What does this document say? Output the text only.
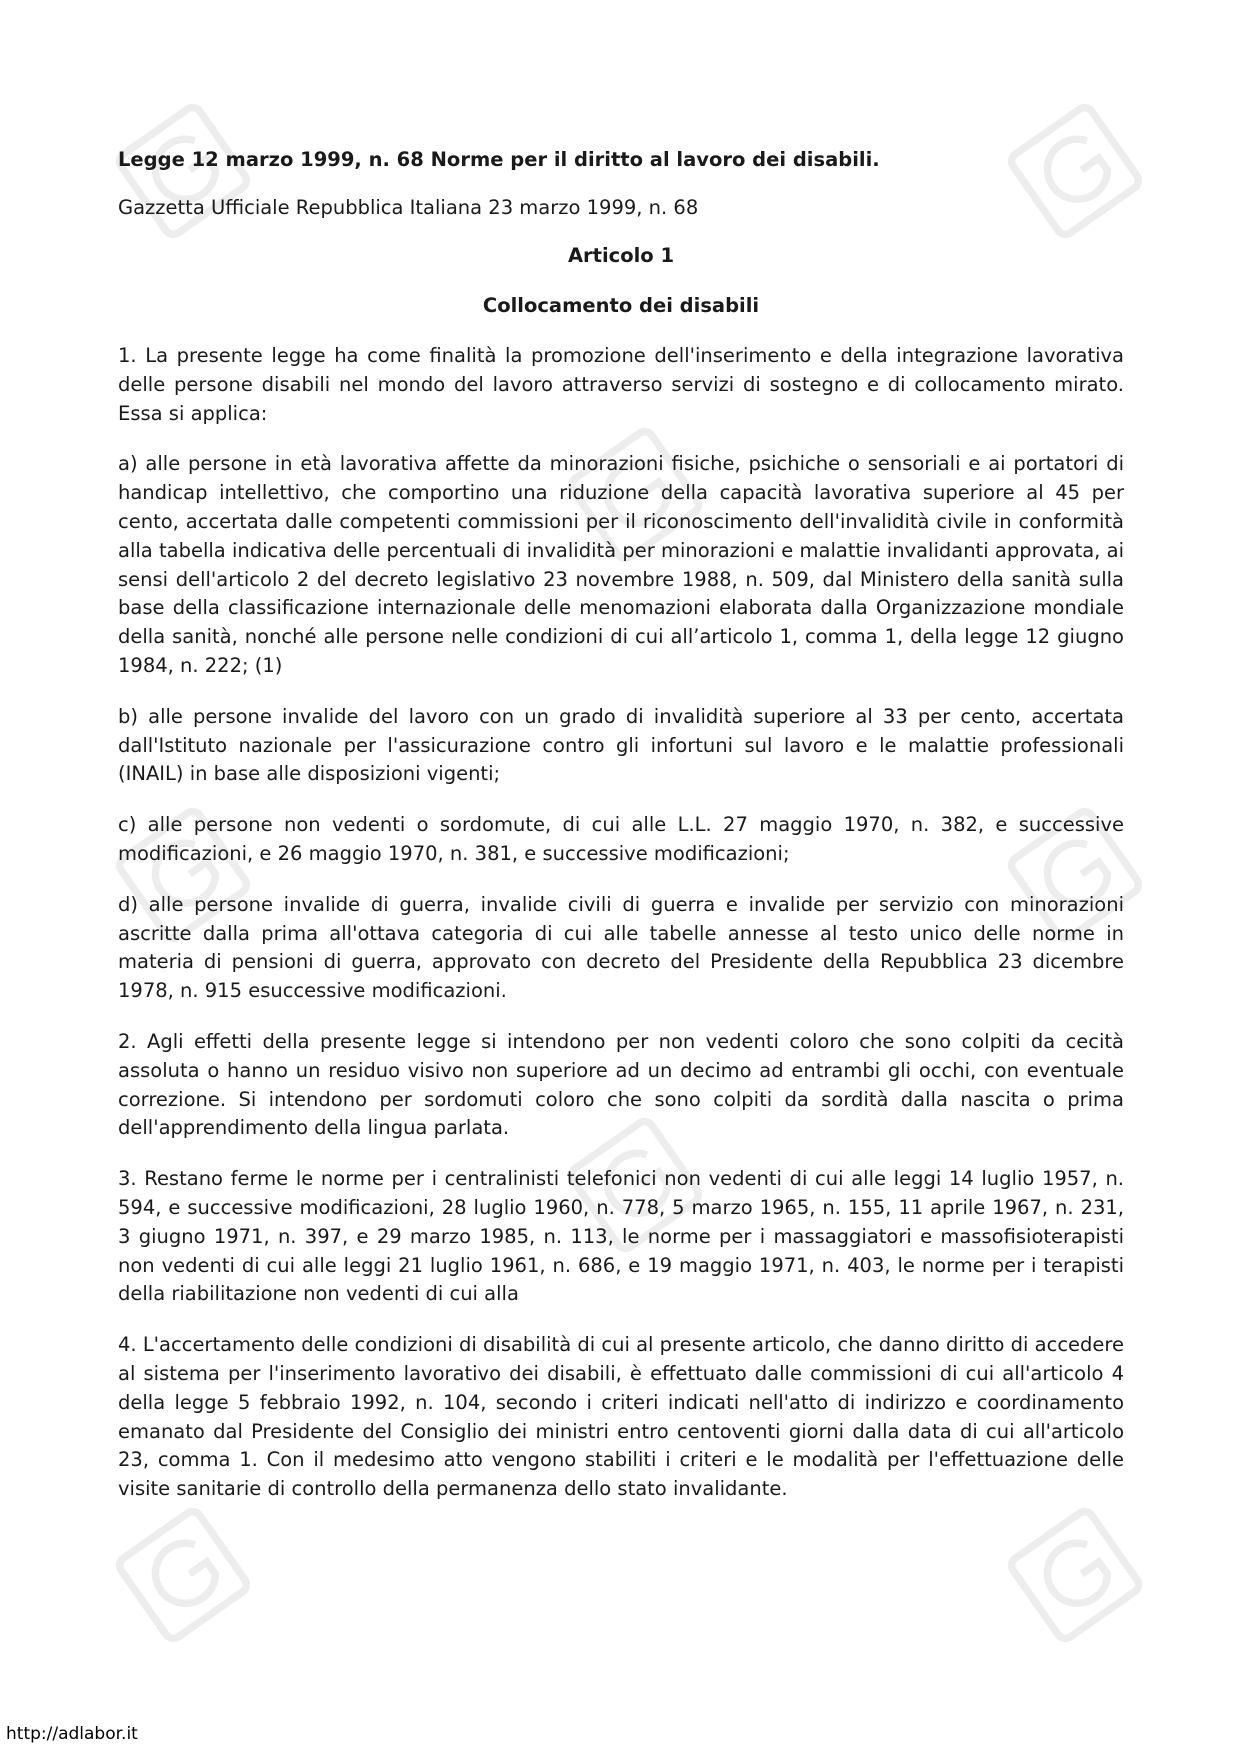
Legge 12 marzo 1999, n. 68 Norme per il diritto al lavoro dei disabili.
Gazzetta Ufficiale Repubblica Italiana 23 marzo 1999, n. 68
Articolo 1
Collocamento dei disabili

1. La presente legge ha come finalità la promozione dell'inserimento e della integrazione lavorativa delle persone disabili nel mondo del lavoro attraverso servizi di sostegno e di collocamento mirato. Essa si applica:

a) alle persone in età lavorativa affette da minorazioni fisiche, psichiche o sensoriali e ai portatori di handicap intellettivo, che comportino una riduzione della capacità lavorativa superiore al 45 per cento, accertata dalle competenti commissioni per il riconoscimento dell'invalidità civile in conformità alla tabella indicativa delle percentuali di invalidità per minorazioni e malattie invalidanti approvata, ai sensi dell'articolo 2 del decreto legislativo 23 novembre 1988, n. 509, dal Ministero della sanità sulla base della classificazione internazionale delle menomazioni elaborata dalla Organizzazione mondiale della sanità, nonché alle persone nelle condizioni di cui all’articolo 1, comma 1, della legge 12 giugno 1984, n. 222; (1)

b) alle persone invalide del lavoro con un grado di invalidità superiore al 33 per cento, accertata dall'Istituto nazionale per l'assicurazione contro gli infortuni sul lavoro e le malattie professionali (INAIL) in base alle disposizioni vigenti;

c) alle persone non vedenti o sordomute, di cui alle L.L. 27 maggio 1970, n. 382, e successive modificazioni, e 26 maggio 1970, n. 381, e successive modificazioni;

d) alle persone invalide di guerra, invalide civili di guerra e invalide per servizio con minorazioni ascritte dalla prima all'ottava categoria di cui alle tabelle annesse al testo unico delle norme in materia di pensioni di guerra, approvato con decreto del Presidente della Repubblica 23 dicembre 1978, n. 915 esuccessive modificazioni.

2. Agli effetti della presente legge si intendono per non vedenti coloro che sono colpiti da cecità assoluta o hanno un residuo visivo non superiore ad un decimo ad entrambi gli occhi, con eventuale correzione. Si intendono per sordomuti coloro che sono colpiti da sordità dalla nascita o prima dell'apprendimento della lingua parlata.

3. Restano ferme le norme per i centralinisti telefonici non vedenti di cui alle leggi 14 luglio 1957, n. 594, e successive modificazioni, 28 luglio 1960, n. 778, 5 marzo 1965, n. 155, 11 aprile 1967, n. 231, 3 giugno 1971, n. 397, e 29 marzo 1985, n. 113, le norme per i massaggiatori e massofisioterapisti non vedenti di cui alle leggi 21 luglio 1961, n. 686, e 19 maggio 1971, n. 403, le norme per i terapisti della riabilitazione non vedenti di cui alla

4. L'accertamento delle condizioni di disabilità di cui al presente articolo, che danno diritto di accedere al sistema per l'inserimento lavorativo dei disabili, è effettuato dalle commissioni di cui all'articolo 4 della legge 5 febbraio 1992, n. 104, secondo i criteri indicati nell'atto di indirizzo e coordinamento emanato dal Presidente del Consiglio dei ministri entro centoventi giorni dalla data di cui all'articolo 23, comma 1. Con il medesimo atto vengono stabiliti i criteri e le modalità per l'effettuazione delle visite sanitarie di controllo della permanenza dello stato invalidante.

http://adlabor.it
